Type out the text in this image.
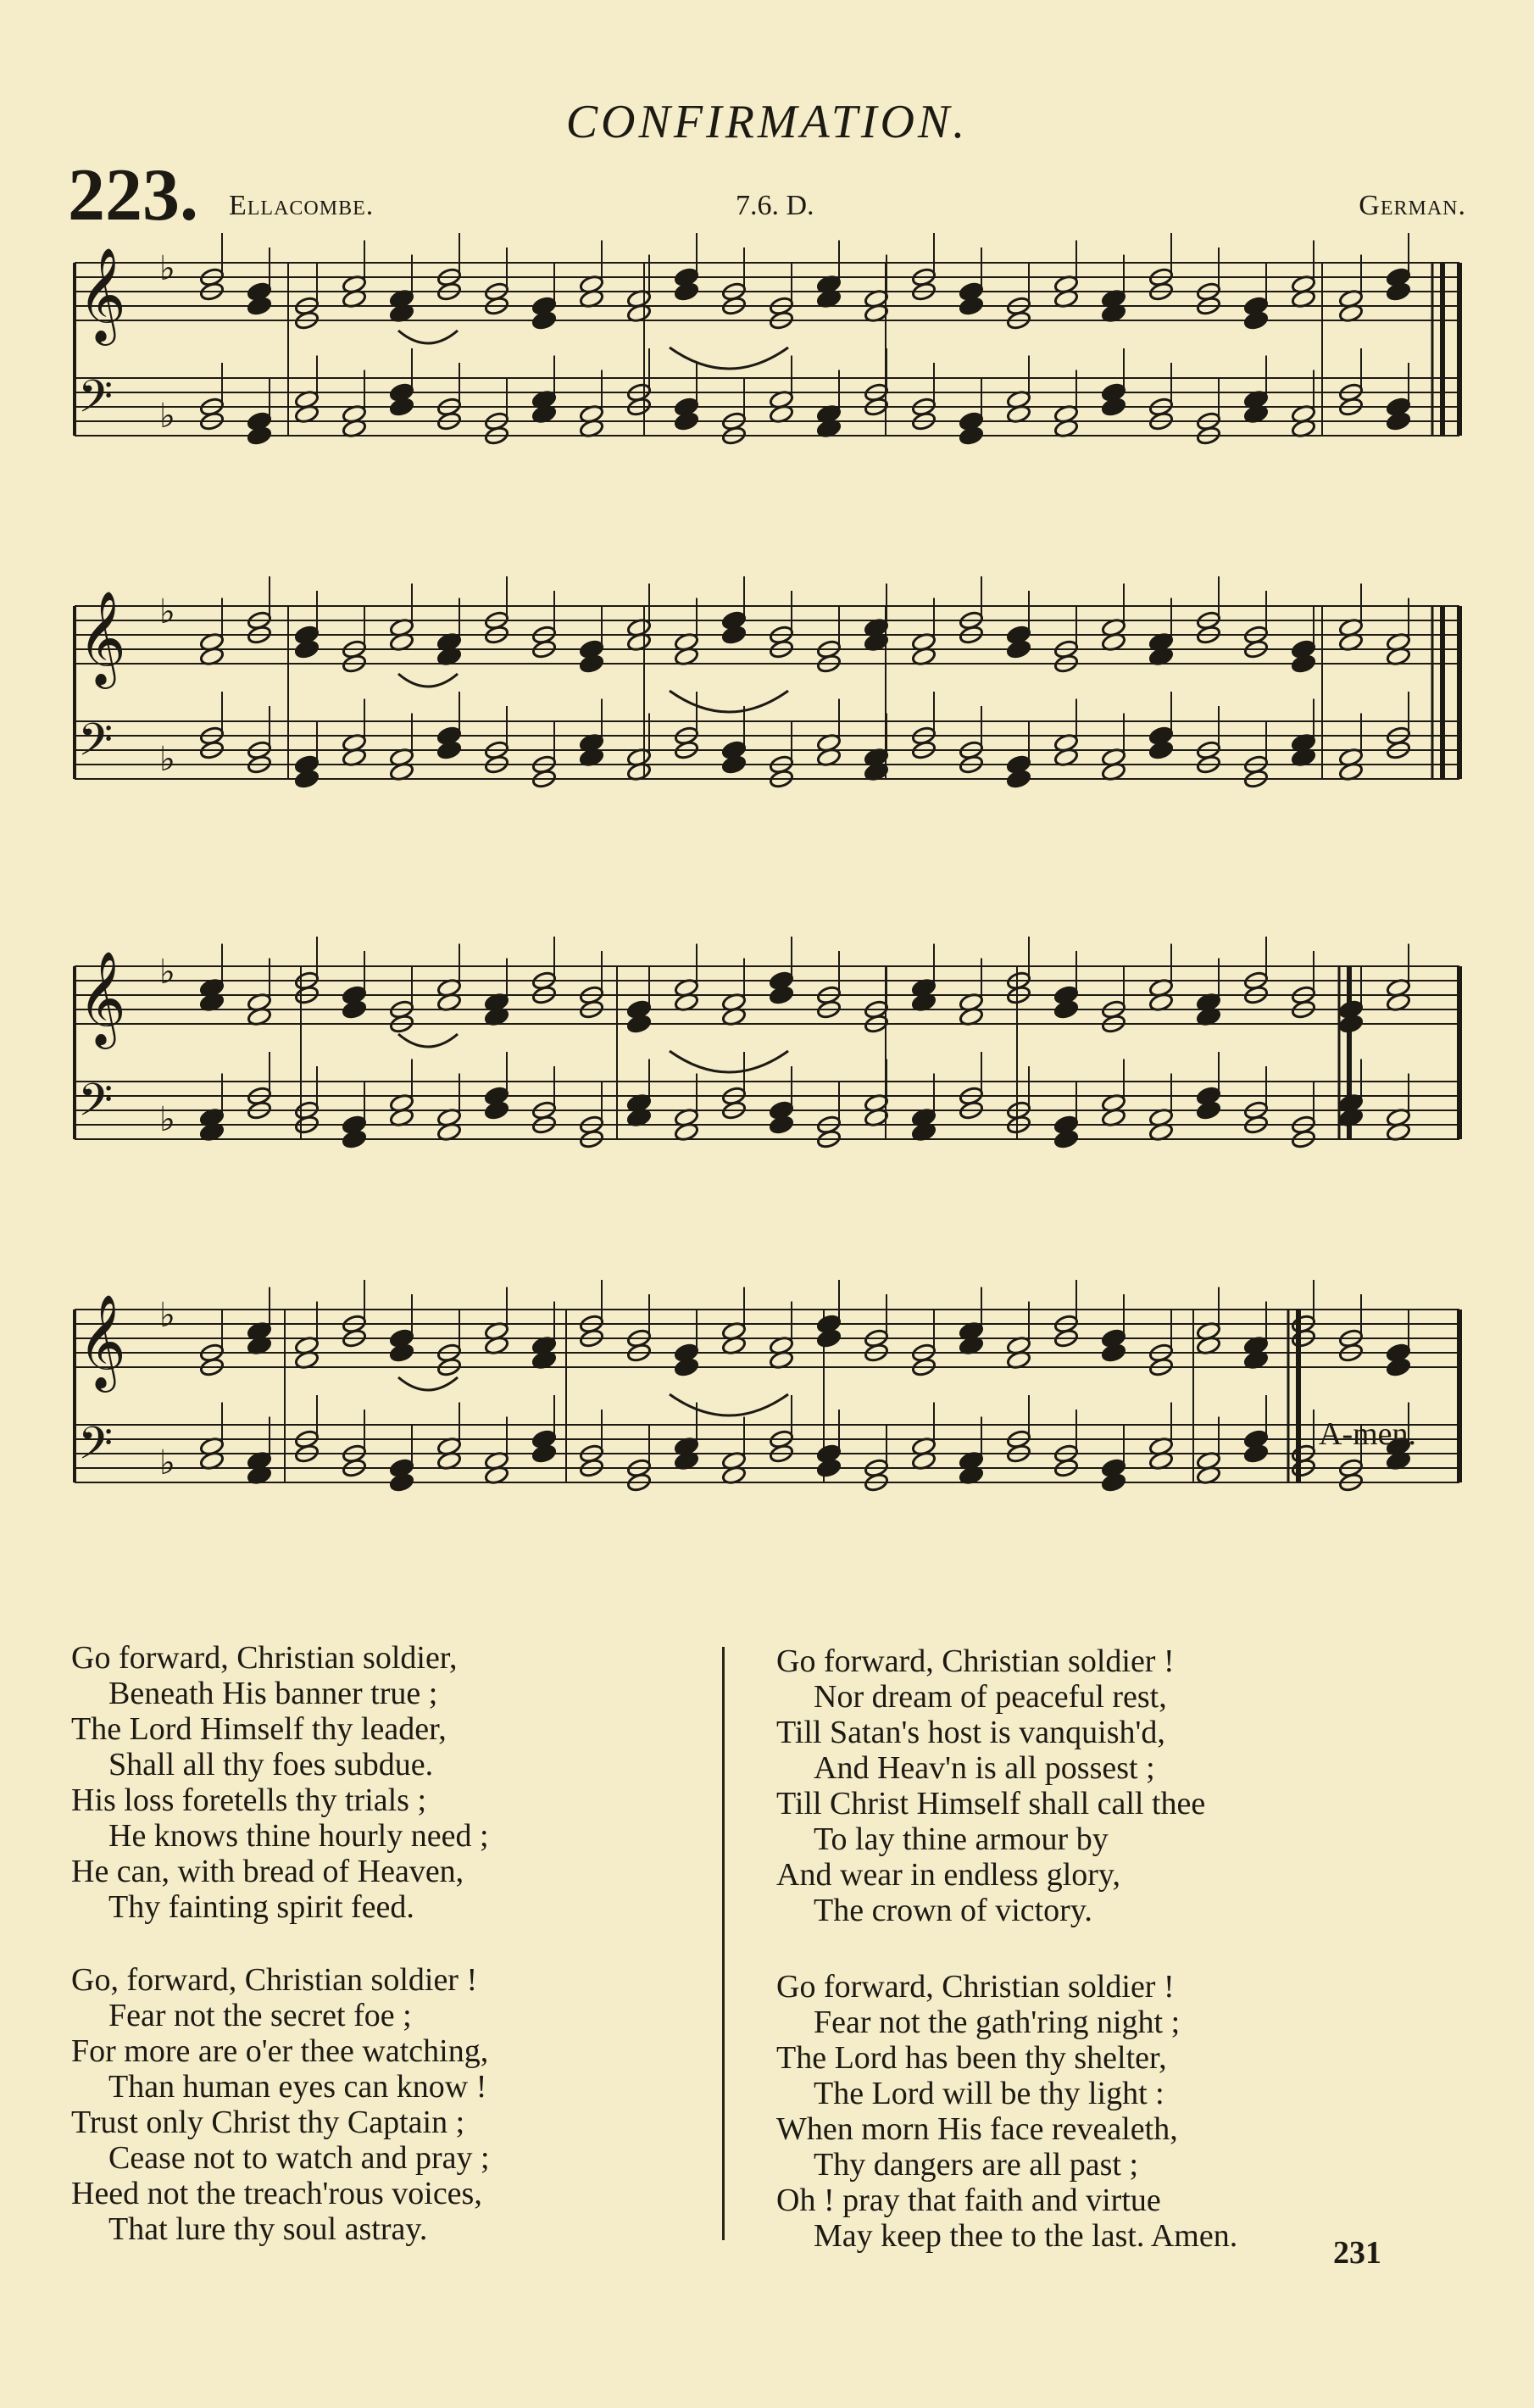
CONFIRMATION.
223. Ellacombe.	7.6. D.	German.
𝄞 ♭
𝄢 ♭
𝄞 ♭
𝄢 ♭
𝄞 ♭
𝄢 ♭
𝄞 ♭
𝄢 ♭
A-men.
Go forward, Christian soldier,
Beneath His banner true ;
The Lord Himself thy leader,
Shall all thy foes subdue.
His loss foretells thy trials ;
He knows thine hourly need ;
He can, with bread of Heaven,
Thy fainting spirit feed.
Go, forward, Christian soldier !
Fear not the secret foe ;
For more are o'er thee watching,
Than human eyes can know !
Trust only Christ thy Captain ;
Cease not to watch and pray ;
Heed not the treach'rous voices,
That lure thy soul astray.
Go forward, Christian soldier !
Nor dream of peaceful rest,
Till Satan's host is vanquish'd,
And Heav'n is all possest ;
Till Christ Himself shall call thee
To lay thine armour by
And wear in endless glory,
The crown of victory.
Go forward, Christian soldier !
Fear not the gath'ring night ;
The Lord has been thy shelter,
The Lord will be thy light :
When morn His face revealeth,
Thy dangers are all past ;
Oh ! pray that faith and virtue
May keep thee to the last. Amen.	231
